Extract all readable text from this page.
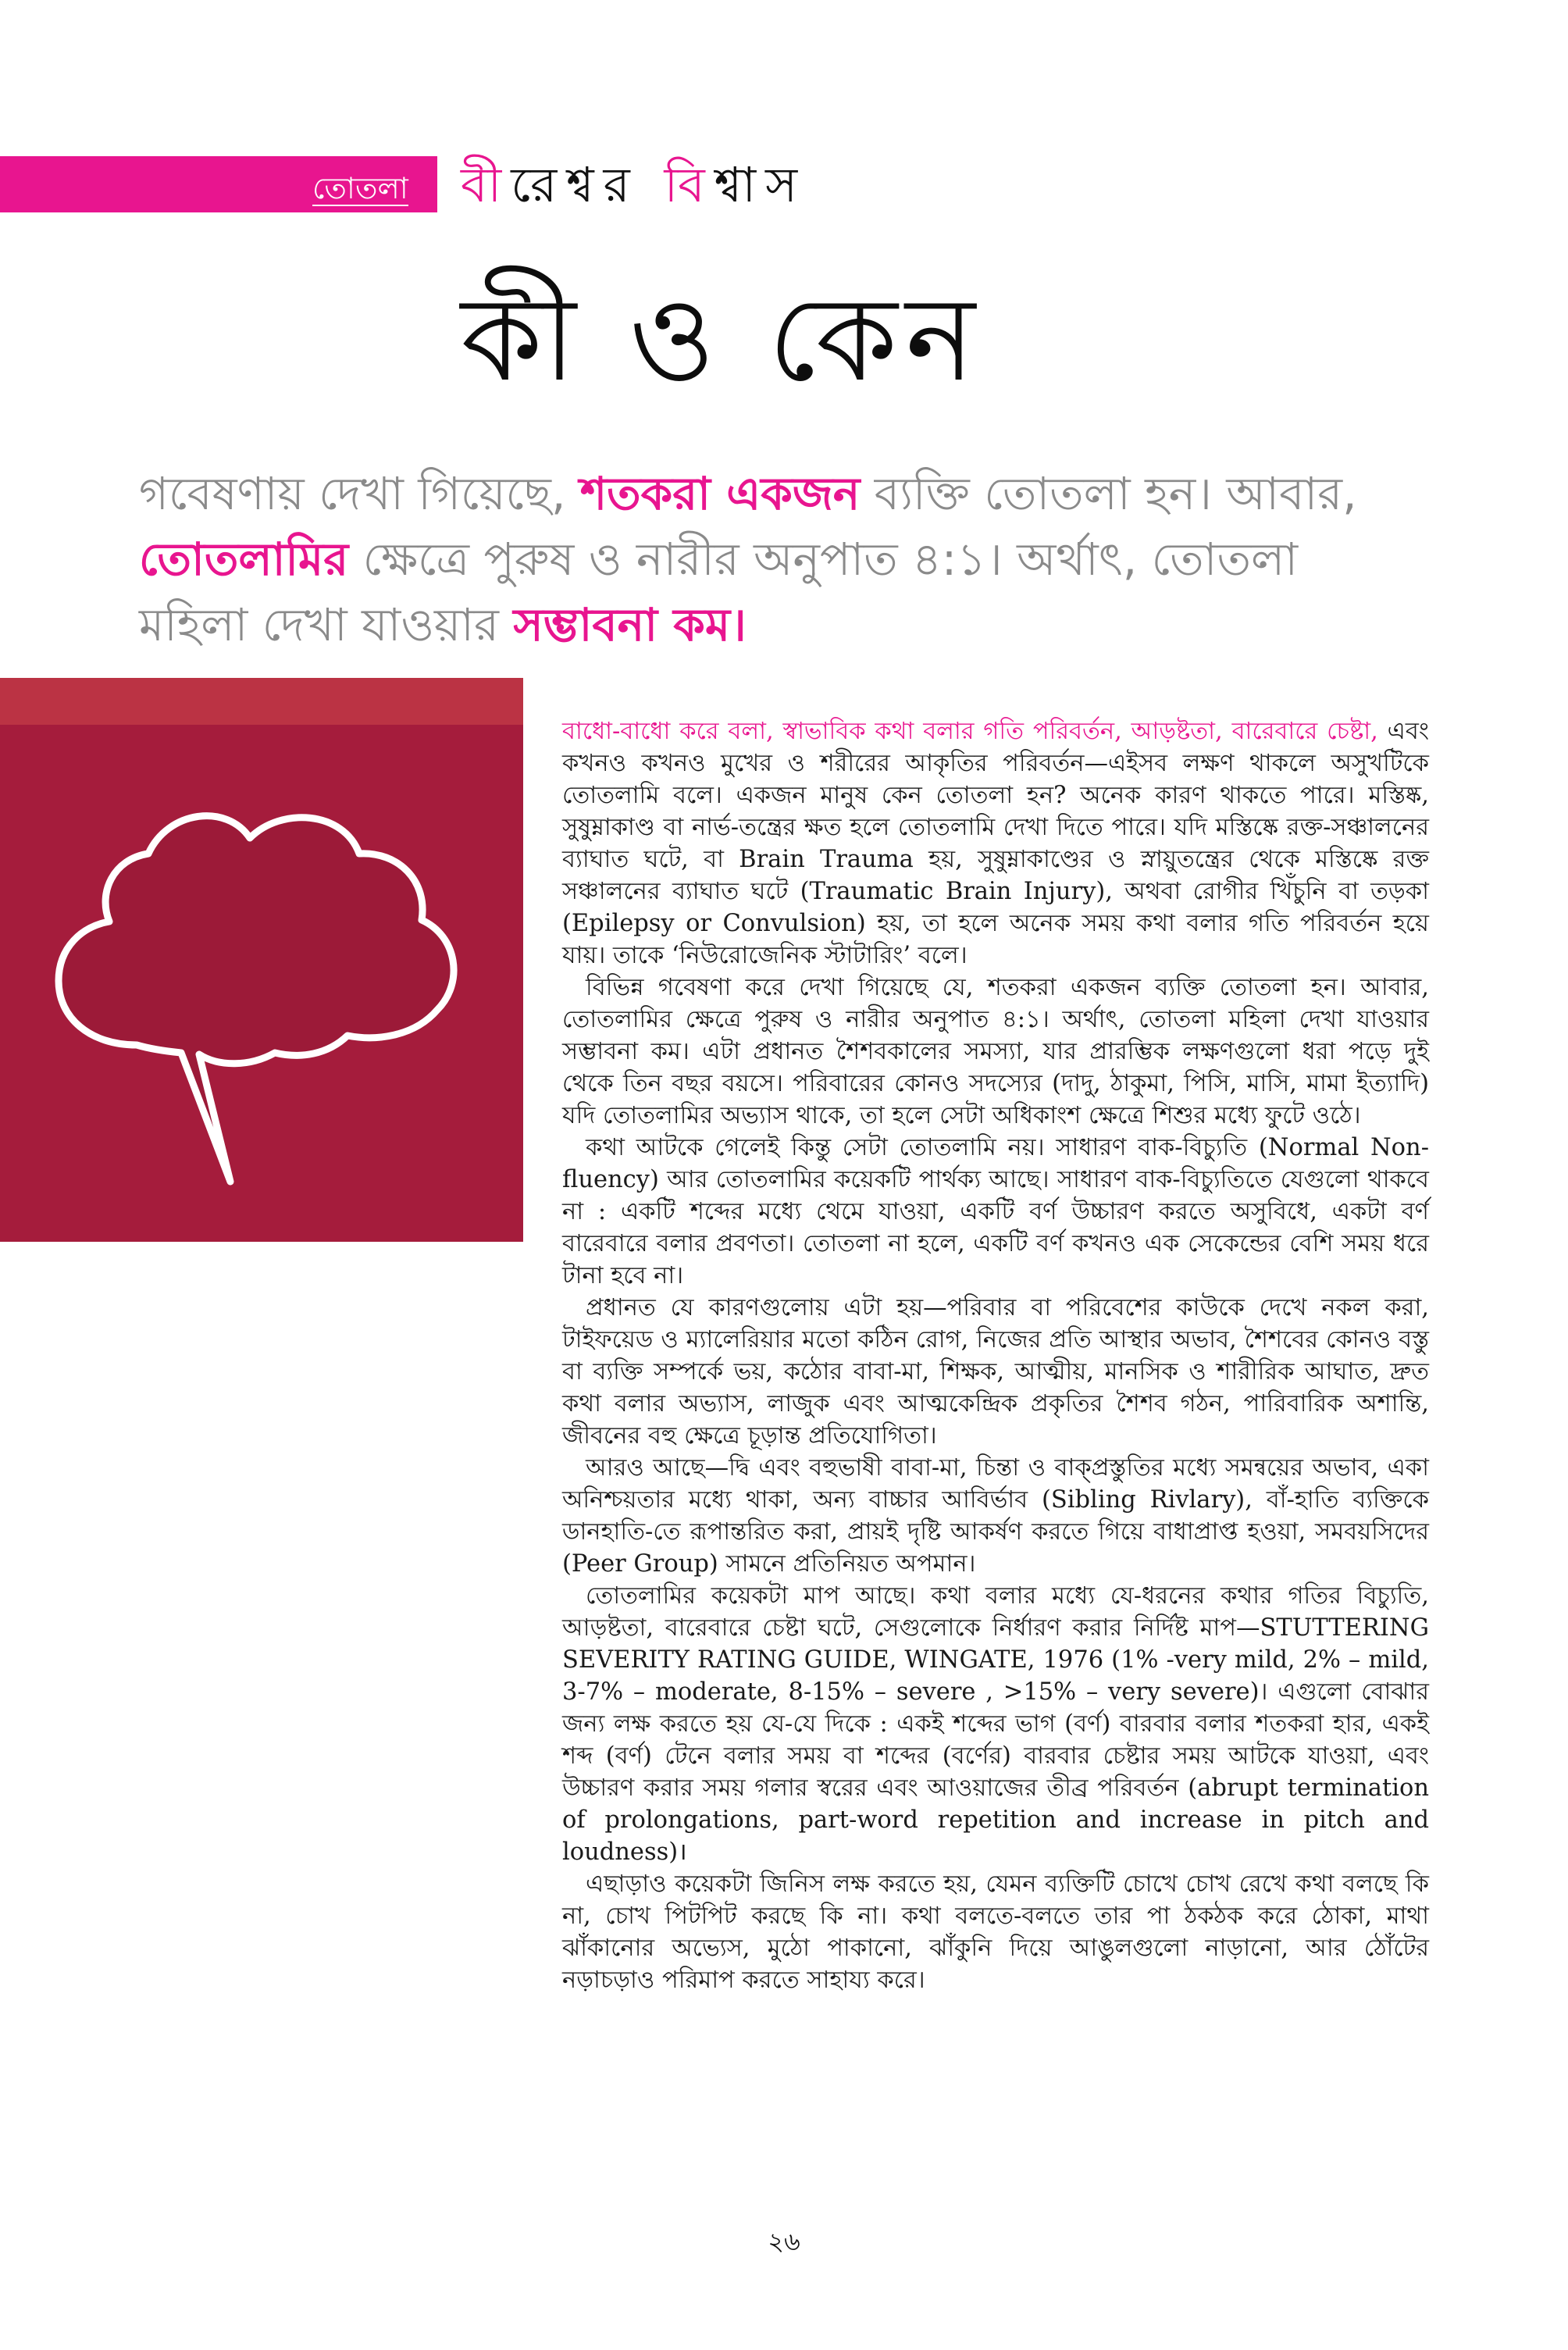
তোতলা বীরেশ্বর বিশ্বাস
কী ও কেন
গবেষণায় দেখা গিয়েছে, শতকরা একজন ব্যক্তি তোতলা হন। আবার, তোতলামির ক্ষেত্রে পুরুষ ও নারীর অনুপাত ৪:১। অর্থাৎ, তোতলা মহিলা দেখা যাওয়ার সম্ভাবনা কম।

বাধো-বাধো করে বলা, স্বাভাবিক কথা বলার গতি পরিবর্তন, আড়ষ্টতা, বারেবারে চেষ্টা, এবং কখনও কখনও মুখের ও শরীরের আকৃতির পরিবর্তন—এইসব লক্ষণ থাকলে অসুখটিকে তোতলামি বলে। একজন মানুষ কেন তোতলা হন? অনেক কারণ থাকতে পারে। মস্তিষ্ক, সুষুম্নাকাণ্ড বা নার্ভ-তন্ত্রের ক্ষত হলে তোতলামি দেখা দিতে পারে। যদি মস্তিষ্কে রক্ত-সঞ্চালনের ব্যাঘাত ঘটে, বা Brain Trauma হয়, সুষুম্নাকাণ্ডের ও স্নায়ুতন্ত্রের থেকে মস্তিষ্কে রক্ত সঞ্চালনের ব্যাঘাত ঘটে (Traumatic Brain Injury), অথবা রোগীর খিঁচুনি বা তড়কা (Epilepsy or Convulsion) হয়, তা হলে অনেক সময় কথা বলার গতি পরিবর্তন হয়ে যায়। তাকে ‘নিউরোজেনিক স্টাটারিং’ বলে।

বিভিন্ন গবেষণা করে দেখা গিয়েছে যে, শতকরা একজন ব্যক্তি তোতলা হন। আবার, তোতলামির ক্ষেত্রে পুরুষ ও নারীর অনুপাত ৪:১। অর্থাৎ, তোতলা মহিলা দেখা যাওয়ার সম্ভাবনা কম। এটা প্রধানত শৈশবকালের সমস্যা, যার প্রারম্ভিক লক্ষণগুলো ধরা পড়ে দুই থেকে তিন বছর বয়সে। পরিবারের কোনও সদস্যের (দাদু, ঠাকুমা, পিসি, মাসি, মামা ইত্যাদি) যদি তোতলামির অভ্যাস থাকে, তা হলে সেটা অধিকাংশ ক্ষেত্রে শিশুর মধ্যে ফুটে ওঠে।

কথা আটকে গেলেই কিন্তু সেটা তোতলামি নয়। সাধারণ বাক-বিচ্যুতি (Normal Non-fluency) আর তোতলামির কয়েকটি পার্থক্য আছে। সাধারণ বাক-বিচ্যুতিতে যেগুলো থাকবে না : একটি শব্দের মধ্যে থেমে যাওয়া, একটি বর্ণ উচ্চারণ করতে অসুবিধে, একটা বর্ণ বারেবারে বলার প্রবণতা। তোতলা না হলে, একটি বর্ণ কখনও এক সেকেন্ডের বেশি সময় ধরে টানা হবে না।

প্রধানত যে কারণগুলোয় এটা হয়—পরিবার বা পরিবেশের কাউকে দেখে নকল করা, টাইফয়েড ও ম্যালেরিয়ার মতো কঠিন রোগ, নিজের প্রতি আস্থার অভাব, শৈশবের কোনও বস্তু বা ব্যক্তি সম্পর্কে ভয়, কঠোর বাবা-মা, শিক্ষক, আত্মীয়, মানসিক ও শারীরিক আঘাত, দ্রুত কথা বলার অভ্যাস, লাজুক এবং আত্মকেন্দ্রিক প্রকৃতির শৈশব গঠন, পারিবারিক অশান্তি, জীবনের বহু ক্ষেত্রে চূড়ান্ত প্রতিযোগিতা।

আরও আছে—দ্বি এবং বহুভাষী বাবা-মা, চিন্তা ও বাক্‌প্রস্তুতির মধ্যে সমন্বয়ের অভাব, একা অনিশ্চয়তার মধ্যে থাকা, অন্য বাচ্চার আবির্ভাব (Sibling Rivlary), বাঁ-হাতি ব্যক্তিকে ডানহাতি-তে রূপান্তরিত করা, প্রায়ই দৃষ্টি আকর্ষণ করতে গিয়ে বাধাপ্রাপ্ত হওয়া, সমবয়সিদের (Peer Group) সামনে প্রতিনিয়ত অপমান।

তোতলামির কয়েকটা মাপ আছে। কথা বলার মধ্যে যে-ধরনের কথার গতির বিচ্যুতি, আড়ষ্টতা, বারেবারে চেষ্টা ঘটে, সেগুলোকে নির্ধারণ করার নির্দিষ্ট মাপ—STUTTERING SEVERITY RATING GUIDE, WINGATE, 1976 (1% -very mild, 2% – mild, 3-7% – moderate, 8-15% – severe , >15% – very severe)। এগুলো বোঝার জন্য লক্ষ করতে হয় যে-যে দিকে : একই শব্দের ভাগ (বর্ণ) বারবার বলার শতকরা হার, একই শব্দ (বর্ণ) টেনে বলার সময় বা শব্দের (বর্ণের) বারবার চেষ্টার সময় আটকে যাওয়া, এবং উচ্চারণ করার সময় গলার স্বরের এবং আওয়াজের তীব্র পরিবর্তন (abrupt termination of prolongations, part-word repetition and increase in pitch and loudness)।

এছাড়াও কয়েকটা জিনিস লক্ষ করতে হয়, যেমন ব্যক্তিটি চোখে চোখ রেখে কথা বলছে কি না, চোখ পিটপিট করছে কি না। কথা বলতে-বলতে তার পা ঠকঠক করে ঠোকা, মাথা ঝাঁকানোর অভ্যেস, মুঠো পাকানো, ঝাঁকুনি দিয়ে আঙুলগুলো নাড়ানো, আর ঠোঁটের নড়াচড়াও পরিমাপ করতে সাহায্য করে।

২৬
